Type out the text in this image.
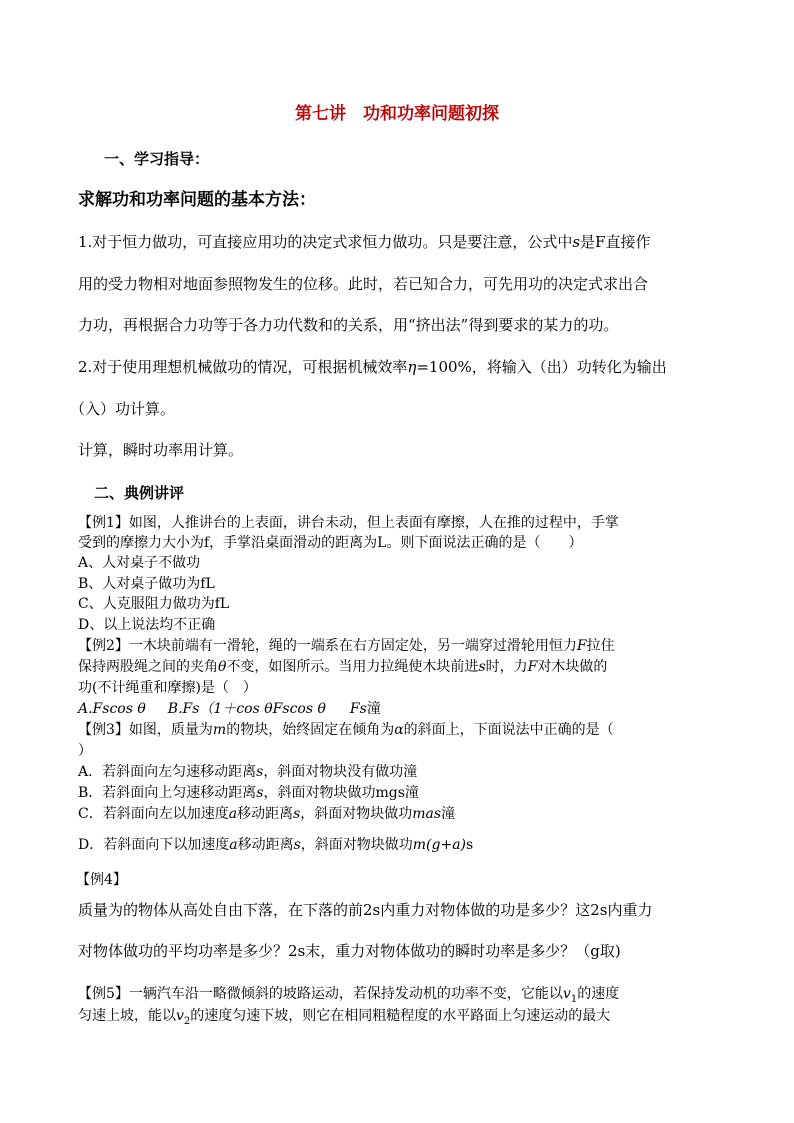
第七讲　功和功率问题初探
一、学习指导：
求解功和功率问题的基本方法：
1.对于恒力做功，可直接应用功的决定式求恒力做功。只是要注意，公式中s是F直接作
用的受力物相对地面参照物发生的位移。此时，若已知合力，可先用功的决定式求出合
力功，再根据合力功等于各力功代数和的关系，用“挤出法”得到要求的某力的功。
2.对于使用理想机械做功的情况，可根据机械效率η=100%，将输入（出）功转化为输出
（入）功计算。
计算，瞬时功率用计算。
二、典例讲评
【例1】如图，人推讲台的上表面，讲台未动，但上表面有摩擦，人在推的过程中，手掌
受到的摩擦力大小为f，手掌沿桌面滑动的距离为L。则下面说法正确的是（　　）
A、人对桌子不做功
B、人对桌子做功为fL
C、人克服阻力做功为fL
D、以上说法均不正确
【例2】一木块前端有一滑轮，绳的一端系在右方固定处，另一端穿过滑轮用恒力F拉住
保持两股绳之间的夹角θ不变，如图所示。当用力拉绳使木块前进s时，力F对木块做的
功(不计绳重和摩擦)是（　）
A.Fscos θ B.Fs（1＋cos θFscos θ Fs潼
【例3】如图，质量为m的物块，始终固定在倾角为α的斜面上，下面说法中正确的是（
）
A．若斜面向左匀速移动距离s，斜面对物块没有做功潼
B．若斜面向上匀速移动距离s，斜面对物块做功mgs潼
C．若斜面向左以加速度a移动距离s，斜面对物块做功mas潼
D．若斜面向下以加速度a移动距离s，斜面对物块做功m(g+a)s
【例4】
质量为的物体从高处自由下落，在下落的前2s内重力对物体做的功是多少？这2s内重力
对物体做功的平均功率是多少？2s末，重力对物体做功的瞬时功率是多少？（g取)
【例5】一辆汽车沿一略微倾斜的坡路运动，若保持发动机的功率不变，它能以$v_1$的速度
匀速上坡，能以$v_2$的速度匀速下坡，则它在相同粗糙程度的水平路面上匀速运动的最大
